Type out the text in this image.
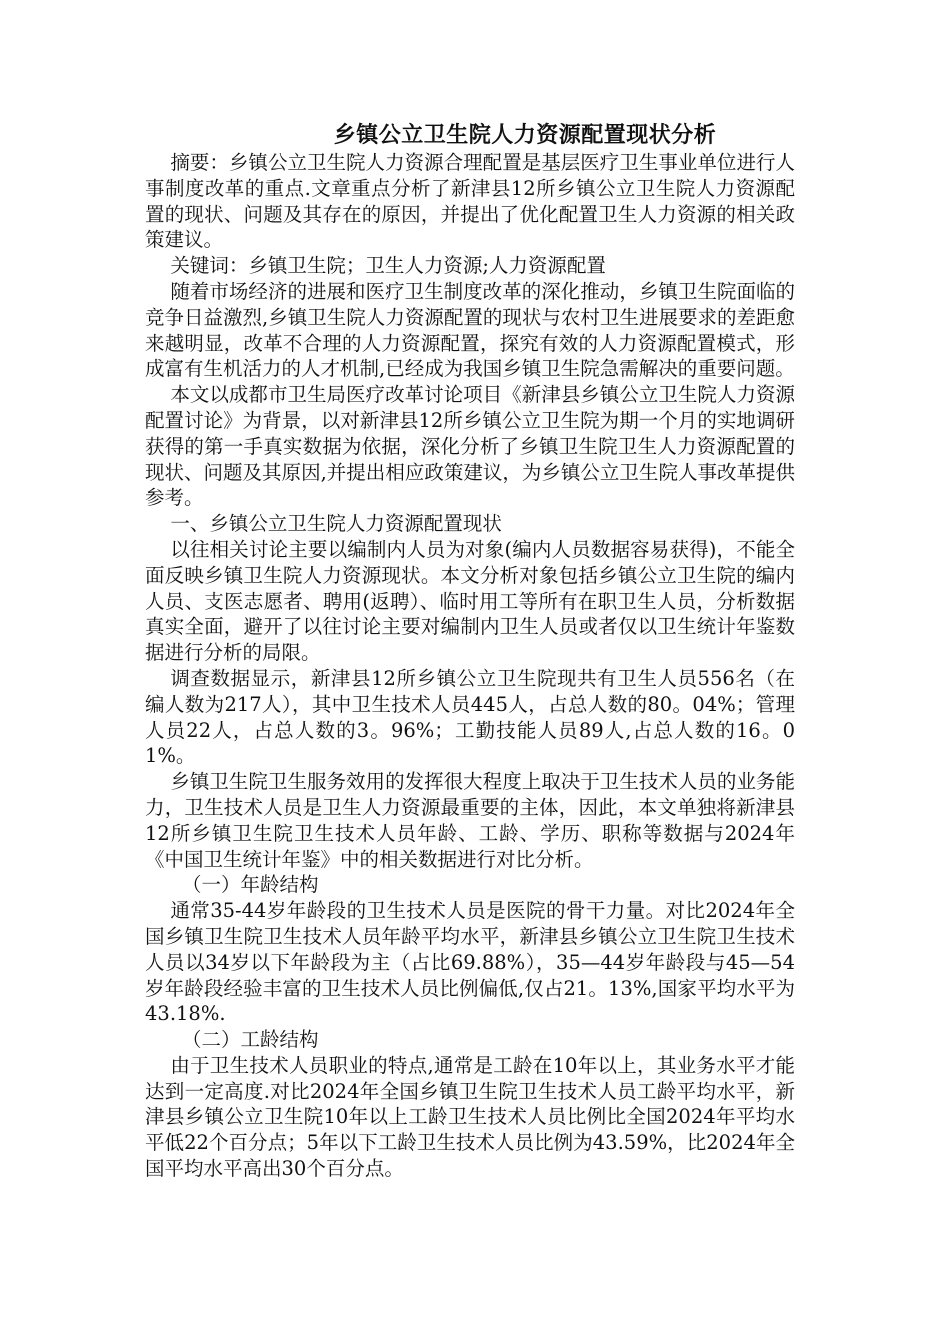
乡镇公立卫生院人力资源配置现状分析

摘要：乡镇公立卫生院人力资源合理配置是基层医疗卫生事业单位进行人事制度改革的重点.文章重点分析了新津县12所乡镇公立卫生院人力资源配置的现状、问题及其存在的原因，并提出了优化配置卫生人力资源的相关政策建议。

关键词：乡镇卫生院；卫生人力资源;人力资源配置

随着市场经济的进展和医疗卫生制度改革的深化推动，乡镇卫生院面临的竞争日益激烈,乡镇卫生院人力资源配置的现状与农村卫生进展要求的差距愈来越明显，改革不合理的人力资源配置，探究有效的人力资源配置模式，形成富有生机活力的人才机制,已经成为我国乡镇卫生院急需解决的重要问题。

本文以成都市卫生局医疗改革讨论项目《新津县乡镇公立卫生院人力资源配置讨论》为背景，以对新津县12所乡镇公立卫生院为期一个月的实地调研获得的第一手真实数据为依据，深化分析了乡镇卫生院卫生人力资源配置的现状、问题及其原因,并提出相应政策建议，为乡镇公立卫生院人事改革提供参考。

一、乡镇公立卫生院人力资源配置现状

以往相关讨论主要以编制内人员为对象(编内人员数据容易获得)，不能全面反映乡镇卫生院人力资源现状。本文分析对象包括乡镇公立卫生院的编内人员、支医志愿者、聘用(返聘）、临时用工等所有在职卫生人员，分析数据真实全面，避开了以往讨论主要对编制内卫生人员或者仅以卫生统计年鉴数据进行分析的局限。

调查数据显示，新津县12所乡镇公立卫生院现共有卫生人员556名（在编人数为217人），其中卫生技术人员445人，占总人数的80。04%；管理人员22人，占总人数的3。96%；工勤技能人员89人,占总人数的16。01%。

乡镇卫生院卫生服务效用的发挥很大程度上取决于卫生技术人员的业务能力，卫生技术人员是卫生人力资源最重要的主体，因此，本文单独将新津县12所乡镇卫生院卫生技术人员年龄、工龄、学历、职称等数据与2024年《中国卫生统计年鉴》中的相关数据进行对比分析。

（一）年龄结构

通常35-44岁年龄段的卫生技术人员是医院的骨干力量。对比2024年全国乡镇卫生院卫生技术人员年龄平均水平，新津县乡镇公立卫生院卫生技术人员以34岁以下年龄段为主（占比69.88%），35—44岁年龄段与45—54岁年龄段经验丰富的卫生技术人员比例偏低,仅占21。13%,国家平均水平为43.18%.

（二）工龄结构

由于卫生技术人员职业的特点,通常是工龄在10年以上，其业务水平才能达到一定高度.对比2024年全国乡镇卫生院卫生技术人员工龄平均水平，新津县乡镇公立卫生院10年以上工龄卫生技术人员比例比全国2024年平均水平低22个百分点；5年以下工龄卫生技术人员比例为43.59%，比2024年全国平均水平高出30个百分点。
